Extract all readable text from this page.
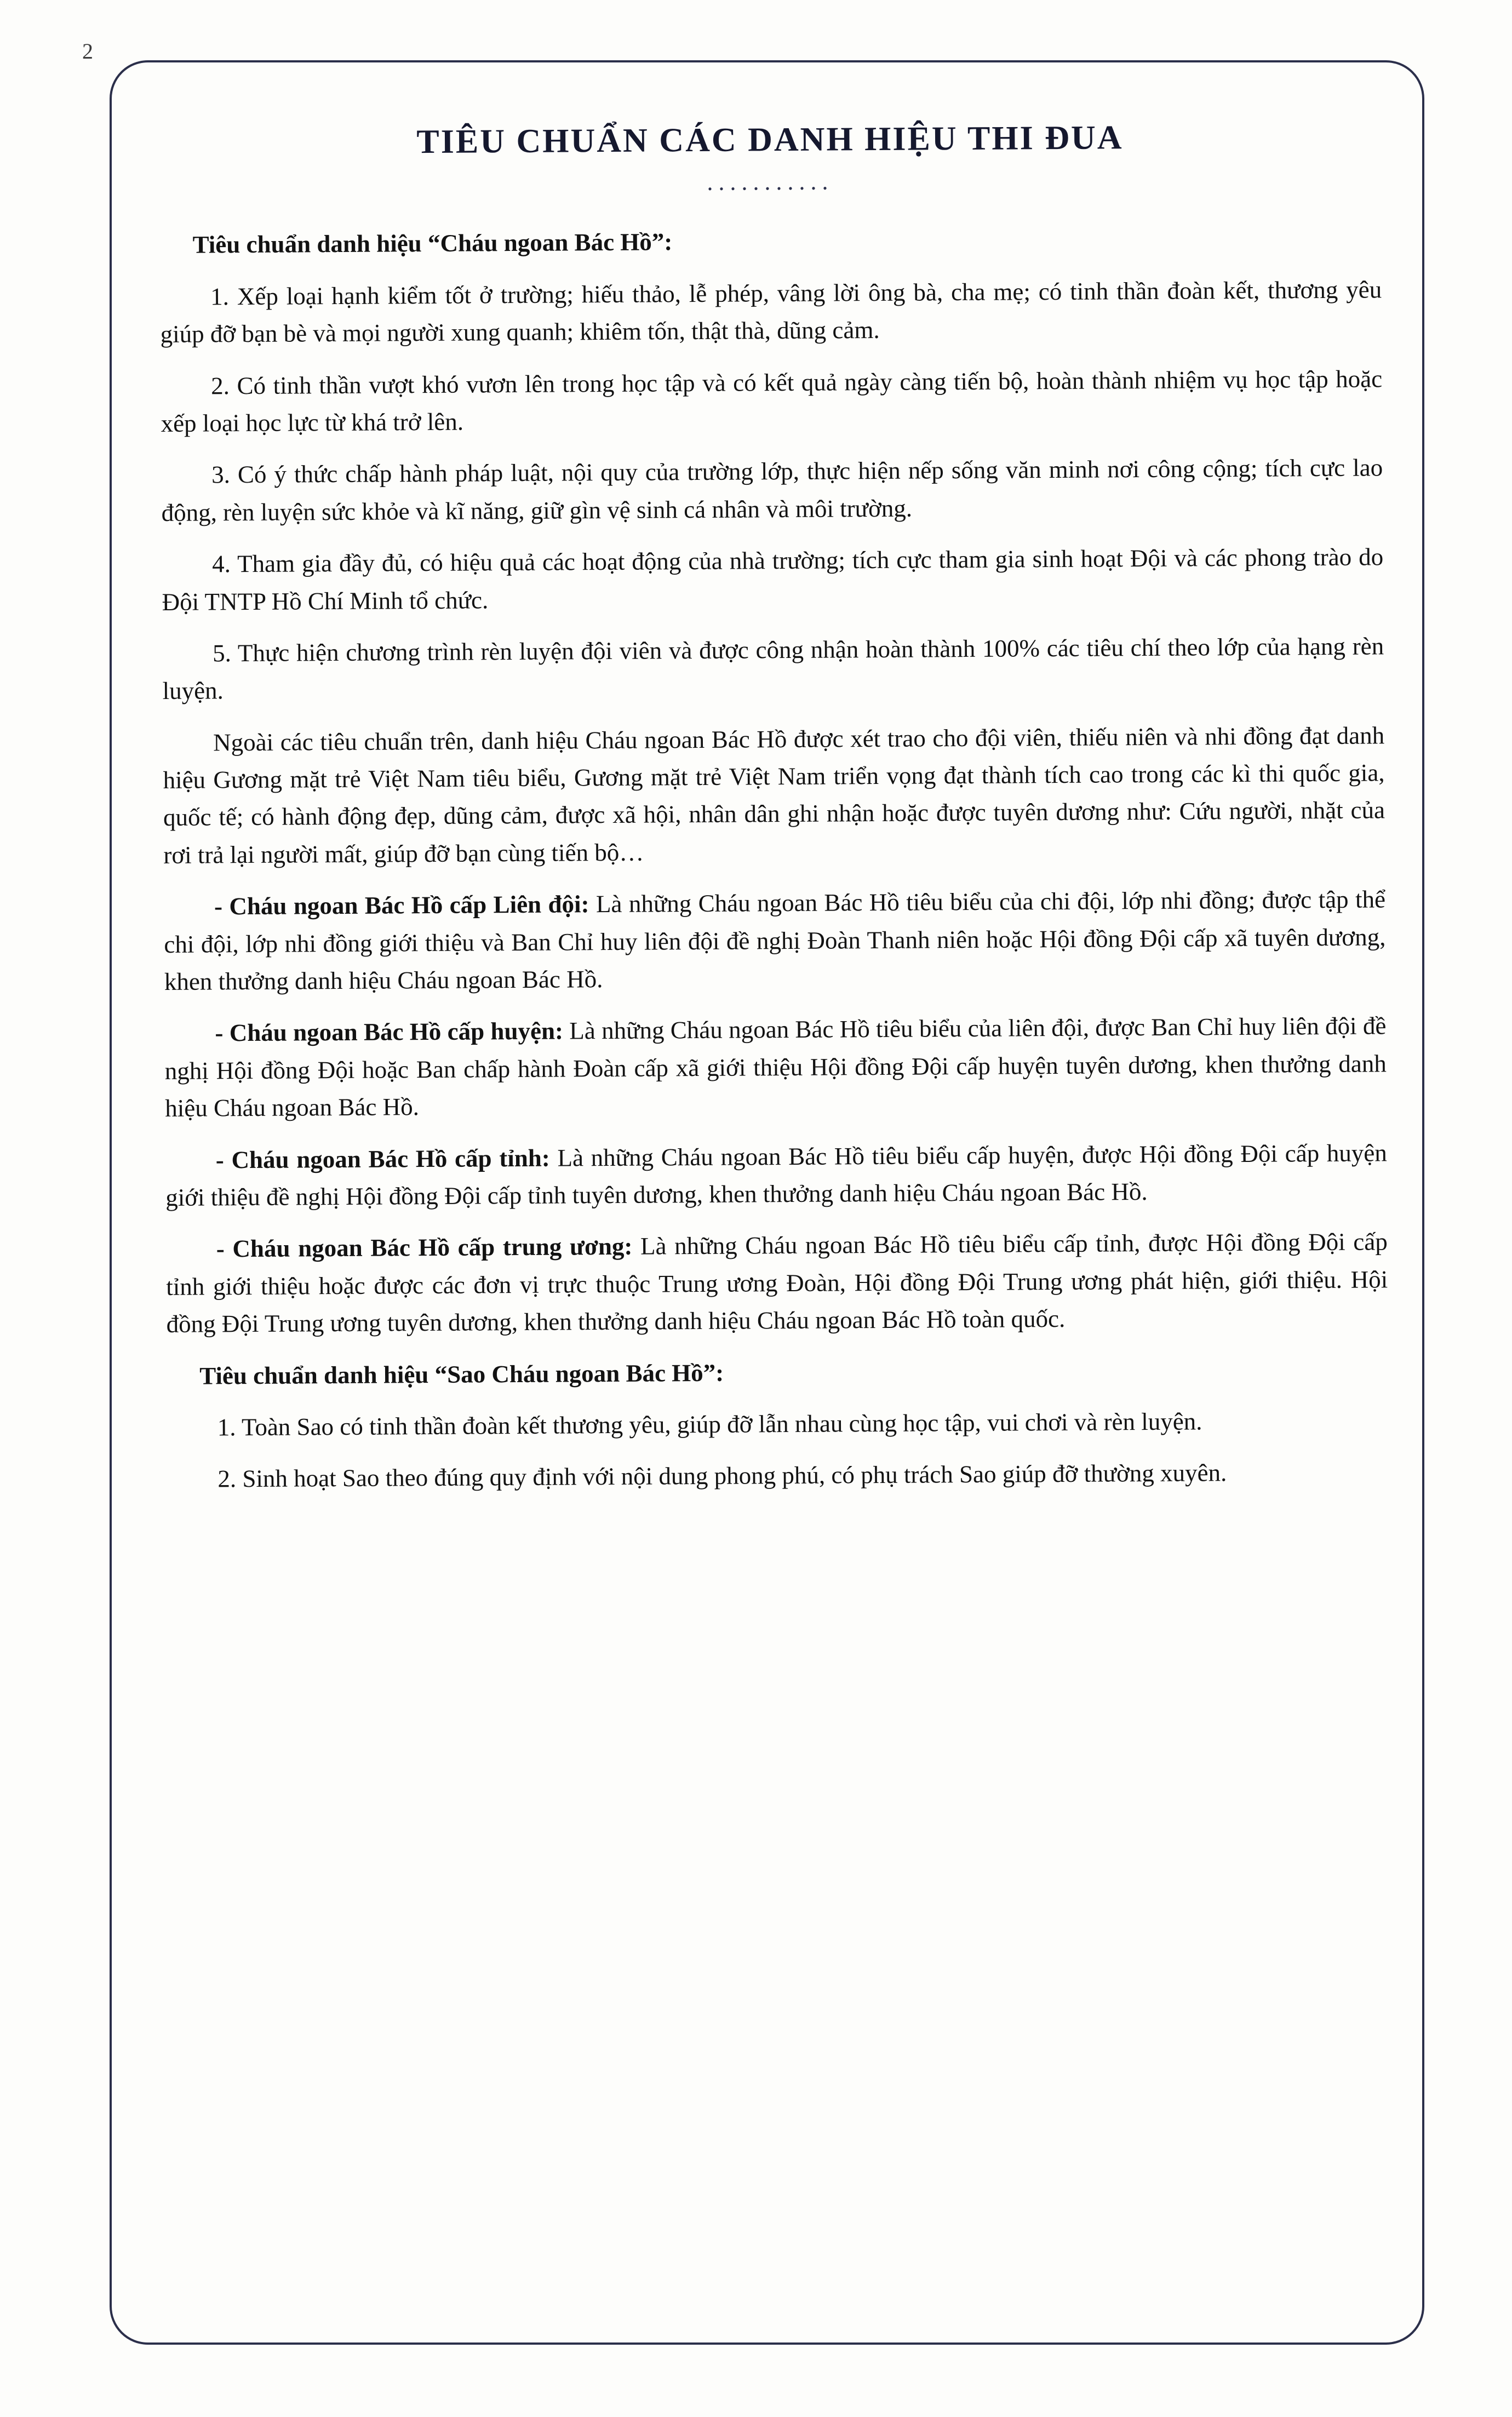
2
TIÊU CHUẨN CÁC DANH HIỆU THI ĐUA
...........

Tiêu chuẩn danh hiệu “Cháu ngoan Bác Hồ”:

1. Xếp loại hạnh kiểm tốt ở trường; hiếu thảo, lễ phép, vâng lời ông bà, cha mẹ; có tinh thần đoàn kết, thương yêu giúp đỡ bạn bè và mọi người xung quanh; khiêm tốn, thật thà, dũng cảm.

2. Có tinh thần vượt khó vươn lên trong học tập và có kết quả ngày càng tiến bộ, hoàn thành nhiệm vụ học tập hoặc xếp loại học lực từ khá trở lên.

3. Có ý thức chấp hành pháp luật, nội quy của trường lớp, thực hiện nếp sống văn minh nơi công cộng; tích cực lao động, rèn luyện sức khỏe và kĩ năng, giữ gìn vệ sinh cá nhân và môi trường.

4. Tham gia đầy đủ, có hiệu quả các hoạt động của nhà trường; tích cực tham gia sinh hoạt Đội và các phong trào do Đội TNTP Hồ Chí Minh tổ chức.

5. Thực hiện chương trình rèn luyện đội viên và được công nhận hoàn thành 100% các tiêu chí theo lớp của hạng rèn luyện.

Ngoài các tiêu chuẩn trên, danh hiệu Cháu ngoan Bác Hồ được xét trao cho đội viên, thiếu niên và nhi đồng đạt danh hiệu Gương mặt trẻ Việt Nam tiêu biểu, Gương mặt trẻ Việt Nam triển vọng đạt thành tích cao trong các kì thi quốc gia, quốc tế; có hành động đẹp, dũng cảm, được xã hội, nhân dân ghi nhận hoặc được tuyên dương như: Cứu người, nhặt của rơi trả lại người mất, giúp đỡ bạn cùng tiến bộ…

- Cháu ngoan Bác Hồ cấp Liên đội: Là những Cháu ngoan Bác Hồ tiêu biểu của chi đội, lớp nhi đồng; được tập thể chi đội, lớp nhi đồng giới thiệu và Ban Chỉ huy liên đội đề nghị Đoàn Thanh niên hoặc Hội đồng Đội cấp xã tuyên dương, khen thưởng danh hiệu Cháu ngoan Bác Hồ.

- Cháu ngoan Bác Hồ cấp huyện: Là những Cháu ngoan Bác Hồ tiêu biểu của liên đội, được Ban Chỉ huy liên đội đề nghị Hội đồng Đội hoặc Ban chấp hành Đoàn cấp xã giới thiệu Hội đồng Đội cấp huyện tuyên dương, khen thưởng danh hiệu Cháu ngoan Bác Hồ.

- Cháu ngoan Bác Hồ cấp tỉnh: Là những Cháu ngoan Bác Hồ tiêu biểu cấp huyện, được Hội đồng Đội cấp huyện giới thiệu đề nghị Hội đồng Đội cấp tỉnh tuyên dương, khen thưởng danh hiệu Cháu ngoan Bác Hồ.

- Cháu ngoan Bác Hồ cấp trung ương: Là những Cháu ngoan Bác Hồ tiêu biểu cấp tỉnh, được Hội đồng Đội cấp tỉnh giới thiệu hoặc được các đơn vị trực thuộc Trung ương Đoàn, Hội đồng Đội Trung ương phát hiện, giới thiệu. Hội đồng Đội Trung ương tuyên dương, khen thưởng danh hiệu Cháu ngoan Bác Hồ toàn quốc.

Tiêu chuẩn danh hiệu “Sao Cháu ngoan Bác Hồ”:

1. Toàn Sao có tinh thần đoàn kết thương yêu, giúp đỡ lẫn nhau cùng học tập, vui chơi và rèn luyện.

2. Sinh hoạt Sao theo đúng quy định với nội dung phong phú, có phụ trách Sao giúp đỡ thường xuyên.
